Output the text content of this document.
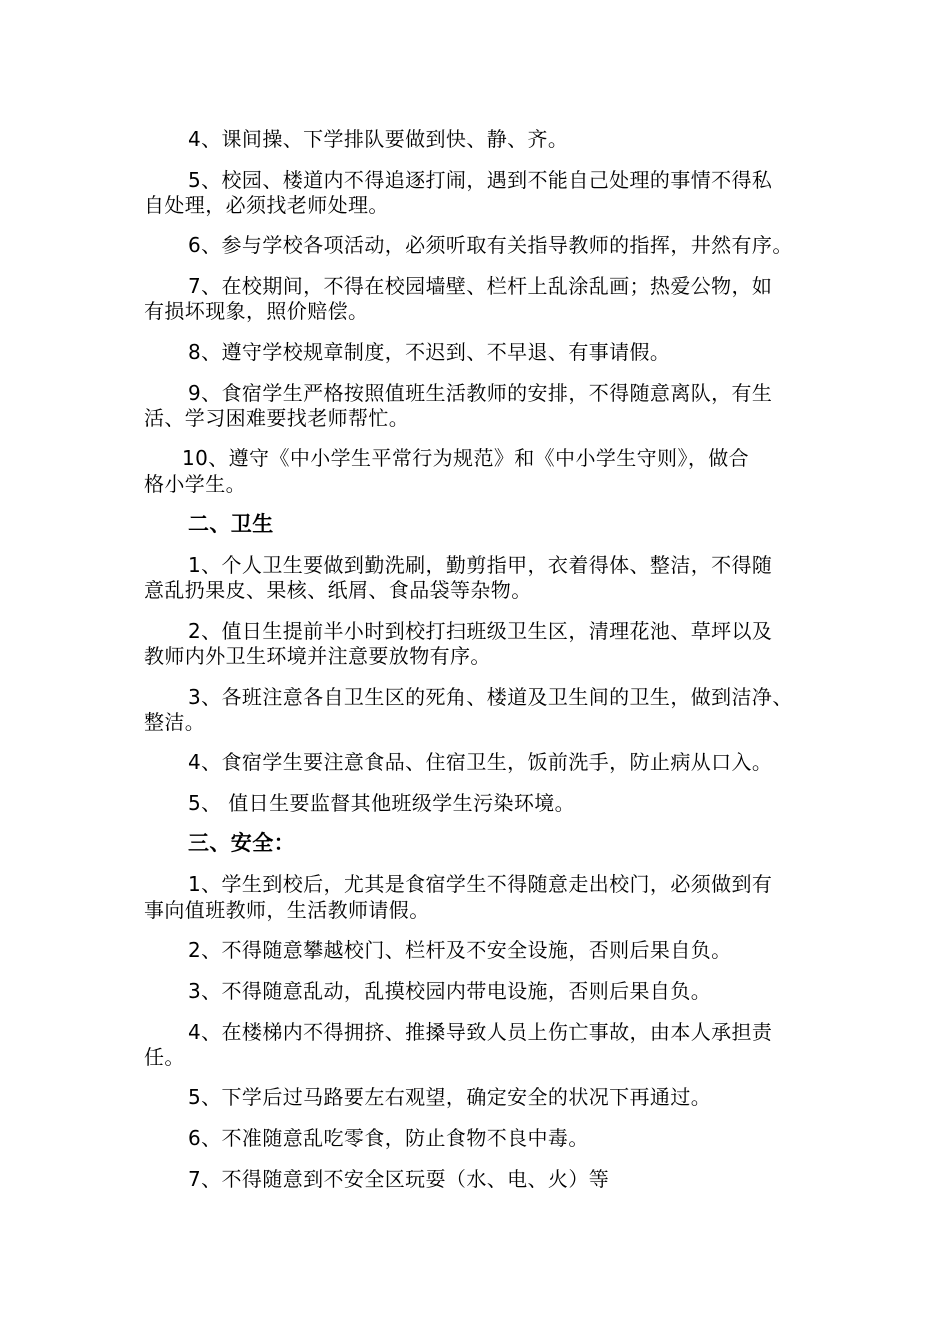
4、课间操、下学排队要做到快、静、齐。
5、校园、楼道内不得追逐打闹，遇到不能自己处理的事情不得私
自处理，必须找老师处理。
6、参与学校各项活动，必须听取有关指导教师的指挥，井然有序。
7、在校期间，不得在校园墙壁、栏杆上乱涂乱画；热爱公物，如
有损坏现象，照价赔偿。
8、遵守学校规章制度，不迟到、不早退、有事请假。
9、食宿学生严格按照值班生活教师的安排，不得随意离队，有生
活、学习困难要找老师帮忙。
10、遵守《中小学生平常行为规范》和《中小学生守则》，做合
格小学生。
二、卫生
1、个人卫生要做到勤洗刷，勤剪指甲，衣着得体、整洁，不得随
意乱扔果皮、果核、纸屑、食品袋等杂物。
2、值日生提前半小时到校打扫班级卫生区，清理花池、草坪以及
教师内外卫生环境并注意要放物有序。
3、各班注意各自卫生区的死角、楼道及卫生间的卫生，做到洁净、
整洁。
4、食宿学生要注意食品、住宿卫生，饭前洗手，防止病从口入。
5、 值日生要监督其他班级学生污染环境。
三、安全：
1、学生到校后，尤其是食宿学生不得随意走出校门，必须做到有
事向值班教师，生活教师请假。
2、不得随意攀越校门、栏杆及不安全设施，否则后果自负。
3、不得随意乱动，乱摸校园内带电设施，否则后果自负。
4、在楼梯内不得拥挤、推搡导致人员上伤亡事故，由本人承担责
任。
5、下学后过马路要左右观望，确定安全的状况下再通过。
6、不准随意乱吃零食，防止食物不良中毒。
7、不得随意到不安全区玩耍（水、电、火）等
